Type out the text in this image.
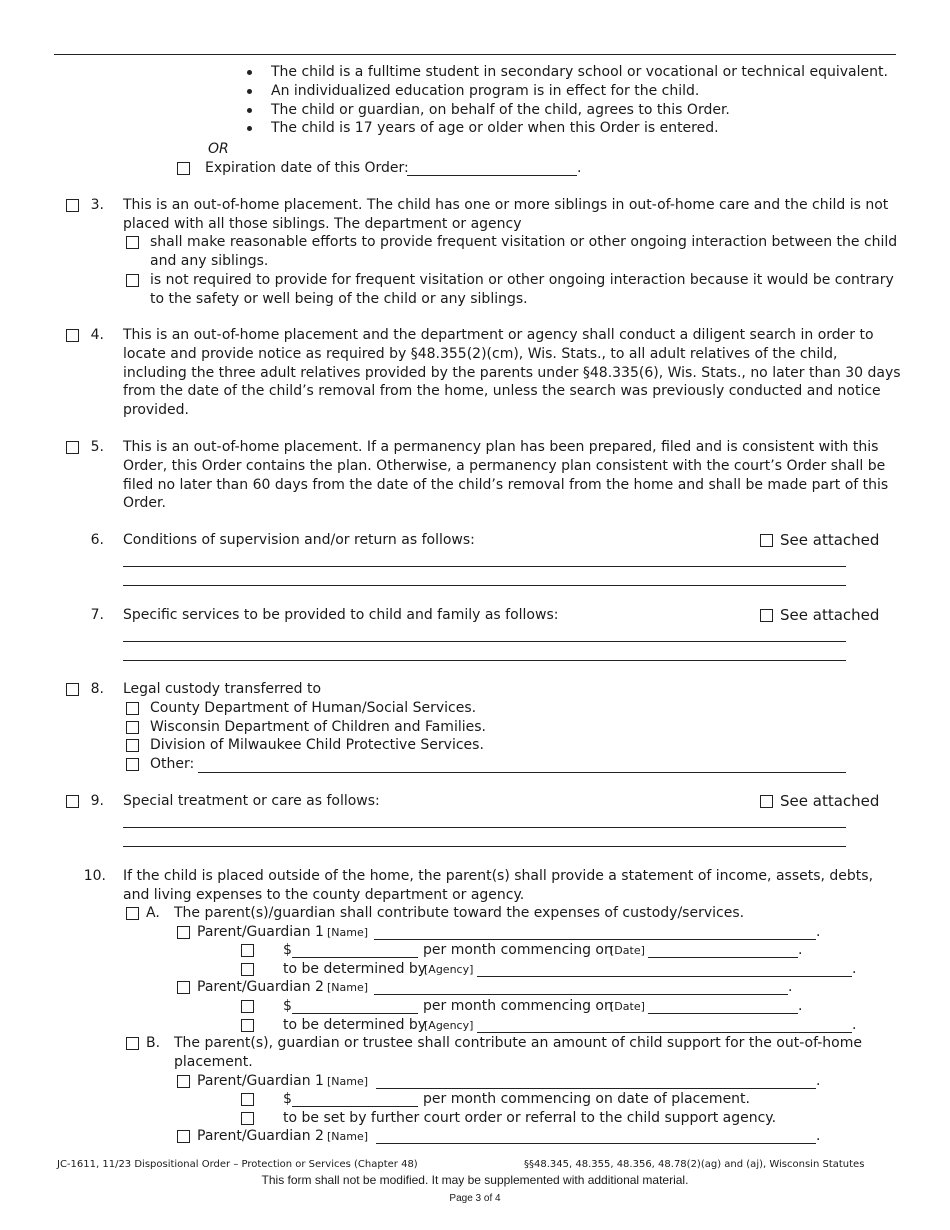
The child is a fulltime student in secondary school or vocational or technical equivalent.
An individualized education program is in effect for the child.
The child or guardian, on behalf of the child, agrees to this Order.
The child is 17 years of age or older when this Order is entered.
OR
Expiration date of this Order:	.
3. This is an out-of-home placement. The child has one or more siblings in out-of-home care and the child is not
placed with all those siblings. The department or agency
shall make reasonable efforts to provide frequent visitation or other ongoing interaction between the child
and any siblings.
is not required to provide for frequent visitation or other ongoing interaction because it would be contrary
to the safety or well being of the child or any siblings.
4. This is an out-of-home placement and the department or agency shall conduct a diligent search in order to
locate and provide notice as required by §48.355(2)(cm), Wis. Stats., to all adult relatives of the child,
including the three adult relatives provided by the parents under §48.335(6), Wis. Stats., no later than 30 days
from the date of the child’s removal from the home, unless the search was previously conducted and notice
provided.
5. This is an out-of-home placement. If a permanency plan has been prepared, filed and is consistent with this
Order, this Order contains the plan. Otherwise, a permanency plan consistent with the court’s Order shall be
filed no later than 60 days from the date of the child’s removal from the home and shall be made part of this
Order.
6. Conditions of supervision and/or return as follows:	See attached
7. Specific services to be provided to child and family as follows:	See attached
8. Legal custody transferred to
County Department of Human/Social Services.
Wisconsin Department of Children and Families.
Division of Milwaukee Child Protective Services.
Other:
9. Special treatment or care as follows:	See attached
10. If the child is placed outside of the home, the parent(s) shall provide a statement of income, assets, debts,
and living expenses to the county department or agency.
A. The parent(s)/guardian shall contribute toward the expenses of custody/services.
Parent/Guardian 1 [Name]	.
$	per month commencing on
[Date]	.
to be determined by
[Agency]	.
Parent/Guardian 2 [Name]	.
$	per month commencing on
[Date]	.
to be determined by
[Agency]	.
B. The parent(s), guardian or trustee shall contribute an amount of child support for the out-of-home
placement.
Parent/Guardian 1 [Name]	.
$	per month commencing on date of placement.
to be set by further court order or referral to the child support agency.
Parent/Guardian 2 [Name]	.
JC-1611, 11/23 Dispositional Order – Protection or Services (Chapter 48)	§§48.345, 48.355, 48.356, 48.78(2)(ag) and (aj), Wisconsin Statutes
This form shall not be modified. It may be supplemented with additional material.
Page 3 of 4
